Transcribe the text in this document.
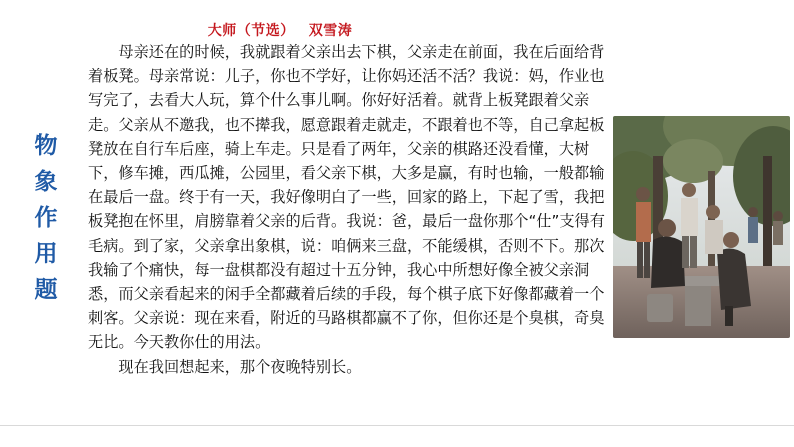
物
象
作
用
题
大师（节选） 双雪涛

母亲还在的时候，我就跟着父亲出去下棋，父亲走在前面，我在后面给背着板凳。母亲常说：儿子，你也不学好，让你妈还活不活？我说：妈，作业也写完了，去看大人玩，算个什么事儿啊。你好好活着。就背上板凳跟着父亲走。父亲从不邀我，也不撵我，愿意跟着走就走，不跟着也不等，自己拿起板凳放在自行车后座，骑上车走。只是看了两年，父亲的棋路还没看懂，大树下，修车摊，西瓜摊，公园里，看父亲下棋，大多是赢，有时也输，一般都输在最后一盘。终于有一天，我好像明白了一些，回家的路上，下起了雪，我把板凳抱在怀里，肩膀靠着父亲的后背。我说：爸，最后一盘你那个“仕”支得有毛病。到了家，父亲拿出象棋，说：咱俩来三盘，不能缓棋，否则不下。那次我输了个痛快，每一盘棋都没有超过十五分钟，我心中所想好像全被父亲洞悉，而父亲看起来的闲手全都藏着后续的手段，每个棋子底下好像都藏着一个刺客。父亲说：现在来看，附近的马路棋都赢不了你，但你还是个臭棋，奇臭无比。今天教你仕的用法。

现在我回想起来，那个夜晚特别长。
